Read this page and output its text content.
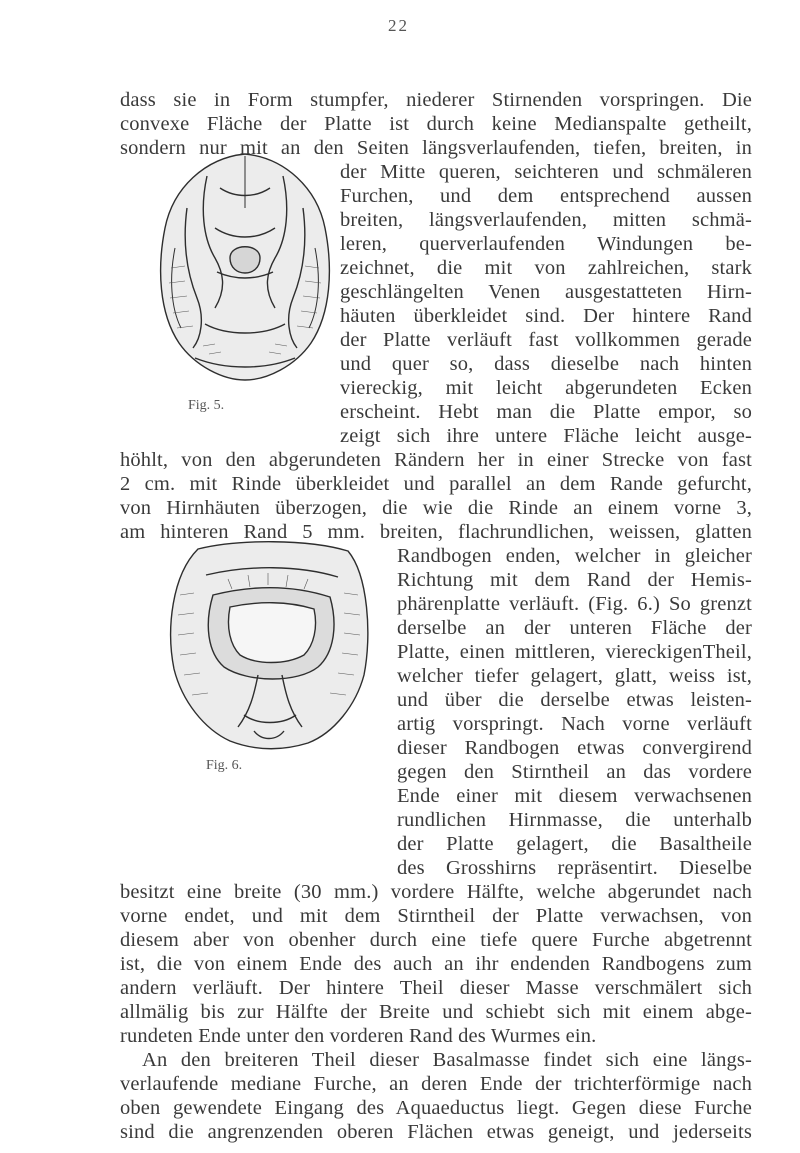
22
Fig. 5.
Fig. 6.
dass sie in Form stumpfer, niederer Stirnenden vorspringen. Die
convexe Fläche der Platte ist durch keine Medianspalte getheilt,
sondern nur mit an den Seiten längsverlaufenden, tiefen, breiten, in
der Mitte queren, seichteren und schmäleren
Furchen, und dem entsprechend aussen
breiten, längsverlaufenden, mitten schmä-
leren, querverlaufenden Windungen be-
zeichnet, die mit von zahlreichen, stark
geschlängelten Venen ausgestatteten Hirn-
häuten überkleidet sind. Der hintere Rand
der Platte verläuft fast vollkommen gerade
und quer so, dass dieselbe nach hinten
viereckig, mit leicht abgerundeten Ecken
erscheint. Hebt man die Platte empor, so
zeigt sich ihre untere Fläche leicht ausge-
höhlt, von den abgerundeten Rändern her in einer Strecke von fast
2 cm. mit Rinde überkleidet und parallel an dem Rande gefurcht,
von Hirnhäuten überzogen, die wie die Rinde an einem vorne 3,
am hinteren Rand 5 mm. breiten, flachrundlichen, weissen, glatten
Randbogen enden, welcher in gleicher
Richtung mit dem Rand der Hemis-
phärenplatte verläuft. (Fig. 6.) So grenzt
derselbe an der unteren Fläche der
Platte, einen mittleren, viereckigenTheil,
welcher tiefer gelagert, glatt, weiss ist,
und über die derselbe etwas leisten-
artig vorspringt. Nach vorne verläuft
dieser Randbogen etwas convergirend
gegen den Stirntheil an das vordere
Ende einer mit diesem verwachsenen
rundlichen Hirnmasse, die unterhalb
der Platte gelagert, die Basaltheile
des Grosshirns repräsentirt. Dieselbe
besitzt eine breite (30 mm.) vordere Hälfte, welche abgerundet nach
vorne endet, und mit dem Stirntheil der Platte verwachsen, von
diesem aber von obenher durch eine tiefe quere Furche abgetrennt
ist, die von einem Ende des auch an ihr endenden Randbogens zum
andern verläuft. Der hintere Theil dieser Masse verschmälert sich
allmälig bis zur Hälfte der Breite und schiebt sich mit einem abge-
rundeten Ende unter den vorderen Rand des Wurmes ein.
An den breiteren Theil dieser Basalmasse findet sich eine längs-
verlaufende mediane Furche, an deren Ende der trichterförmige nach
oben gewendete Eingang des Aquaeductus liegt. Gegen diese Furche
sind die angrenzenden oberen Flächen etwas geneigt, und jederseits
